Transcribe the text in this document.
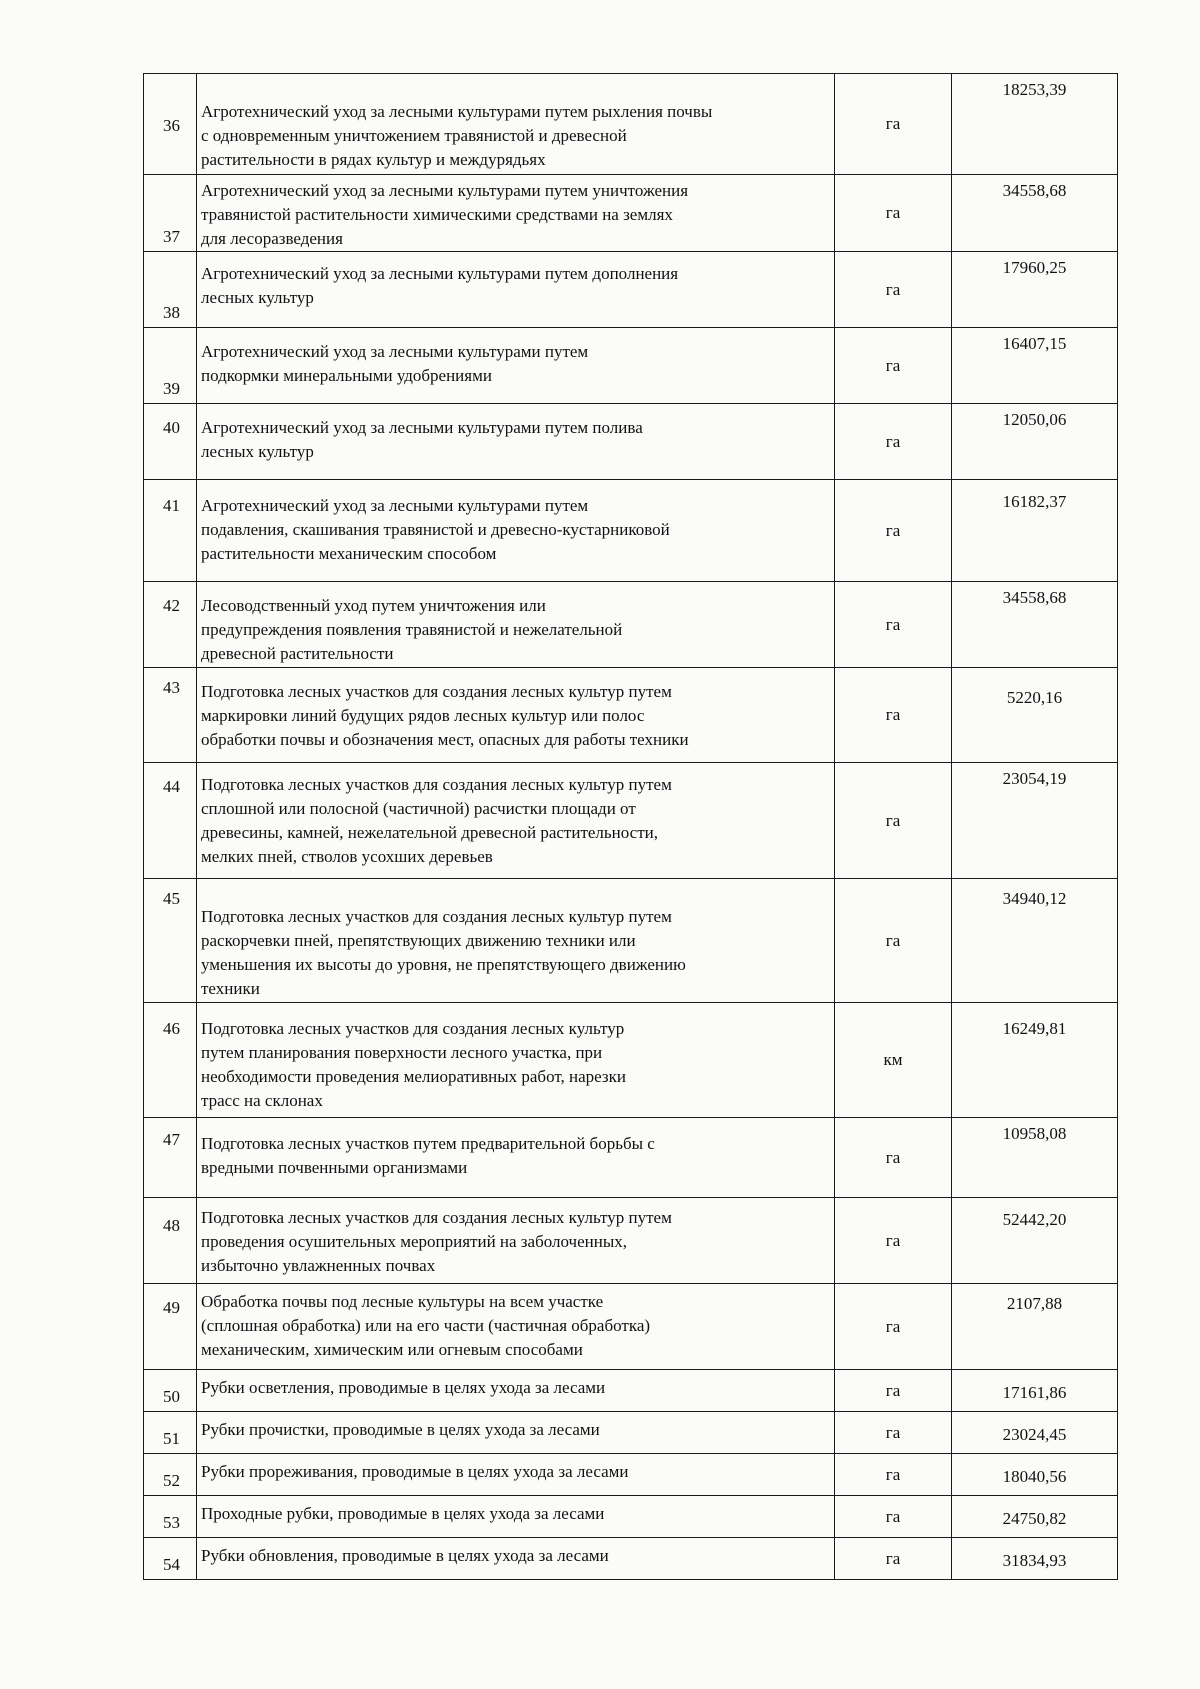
36	Агротехнический уход за лесными культурами путем рыхления почвы
с одновременным уничтожением травянистой и древесной
растительности в рядах культур и междурядьях	га	18253,39
37	Агротехнический уход за лесными культурами путем уничтожения
травянистой растительности химическими средствами на землях
для лесоразведения	га	34558,68
38	Агротехнический уход за лесными культурами путем дополнения
лесных культур	га	17960,25
39	Агротехнический уход за лесными культурами путем
подкормки минеральными удобрениями	га	16407,15
40	Агротехнический уход за лесными культурами путем полива
лесных культур	га	12050,06
41	Агротехнический уход за лесными культурами путем
подавления, скашивания травянистой и древесно-кустарниковой
растительности механическим способом	га	16182,37
42	Лесоводственный уход путем уничтожения или
предупреждения появления травянистой и нежелательной
древесной растительности	га	34558,68
43	Подготовка лесных участков для создания лесных культур путем
маркировки линий будущих рядов лесных культур или полос
обработки почвы и обозначения мест, опасных для работы техники	га	5220,16
44	Подготовка лесных участков для создания лесных культур путем
сплошной или полосной (частичной) расчистки площади от
древесины, камней, нежелательной древесной растительности,
мелких пней, стволов усохших деревьев	га	23054,19
45	Подготовка лесных участков для создания лесных культур путем
раскорчевки пней, препятствующих движению техники или
уменьшения их высоты до уровня, не препятствующего движению
техники	га	34940,12
46	Подготовка лесных участков для создания лесных культур
путем планирования поверхности лесного участка, при
необходимости проведения мелиоративных работ, нарезки
трасс на склонах	км	16249,81
47	Подготовка лесных участков путем предварительной борьбы с
вредными почвенными организмами	га	10958,08
48	Подготовка лесных участков для создания лесных культур путем
проведения осушительных мероприятий на заболоченных,
избыточно увлажненных почвах	га	52442,20
49	Обработка почвы под лесные культуры на всем участке
(сплошная обработка) или на его части (частичная обработка)
механическим, химическим или огневым способами	га	2107,88
50	Рубки осветления, проводимые в целях ухода за лесами	га	17161,86
51	Рубки прочистки, проводимые в целях ухода за лесами	га	23024,45
52	Рубки прореживания, проводимые в целях ухода за лесами	га	18040,56
53	Проходные рубки, проводимые в целях ухода за лесами	га	24750,82
54	Рубки обновления, проводимые в целях ухода за лесами	га	31834,93
